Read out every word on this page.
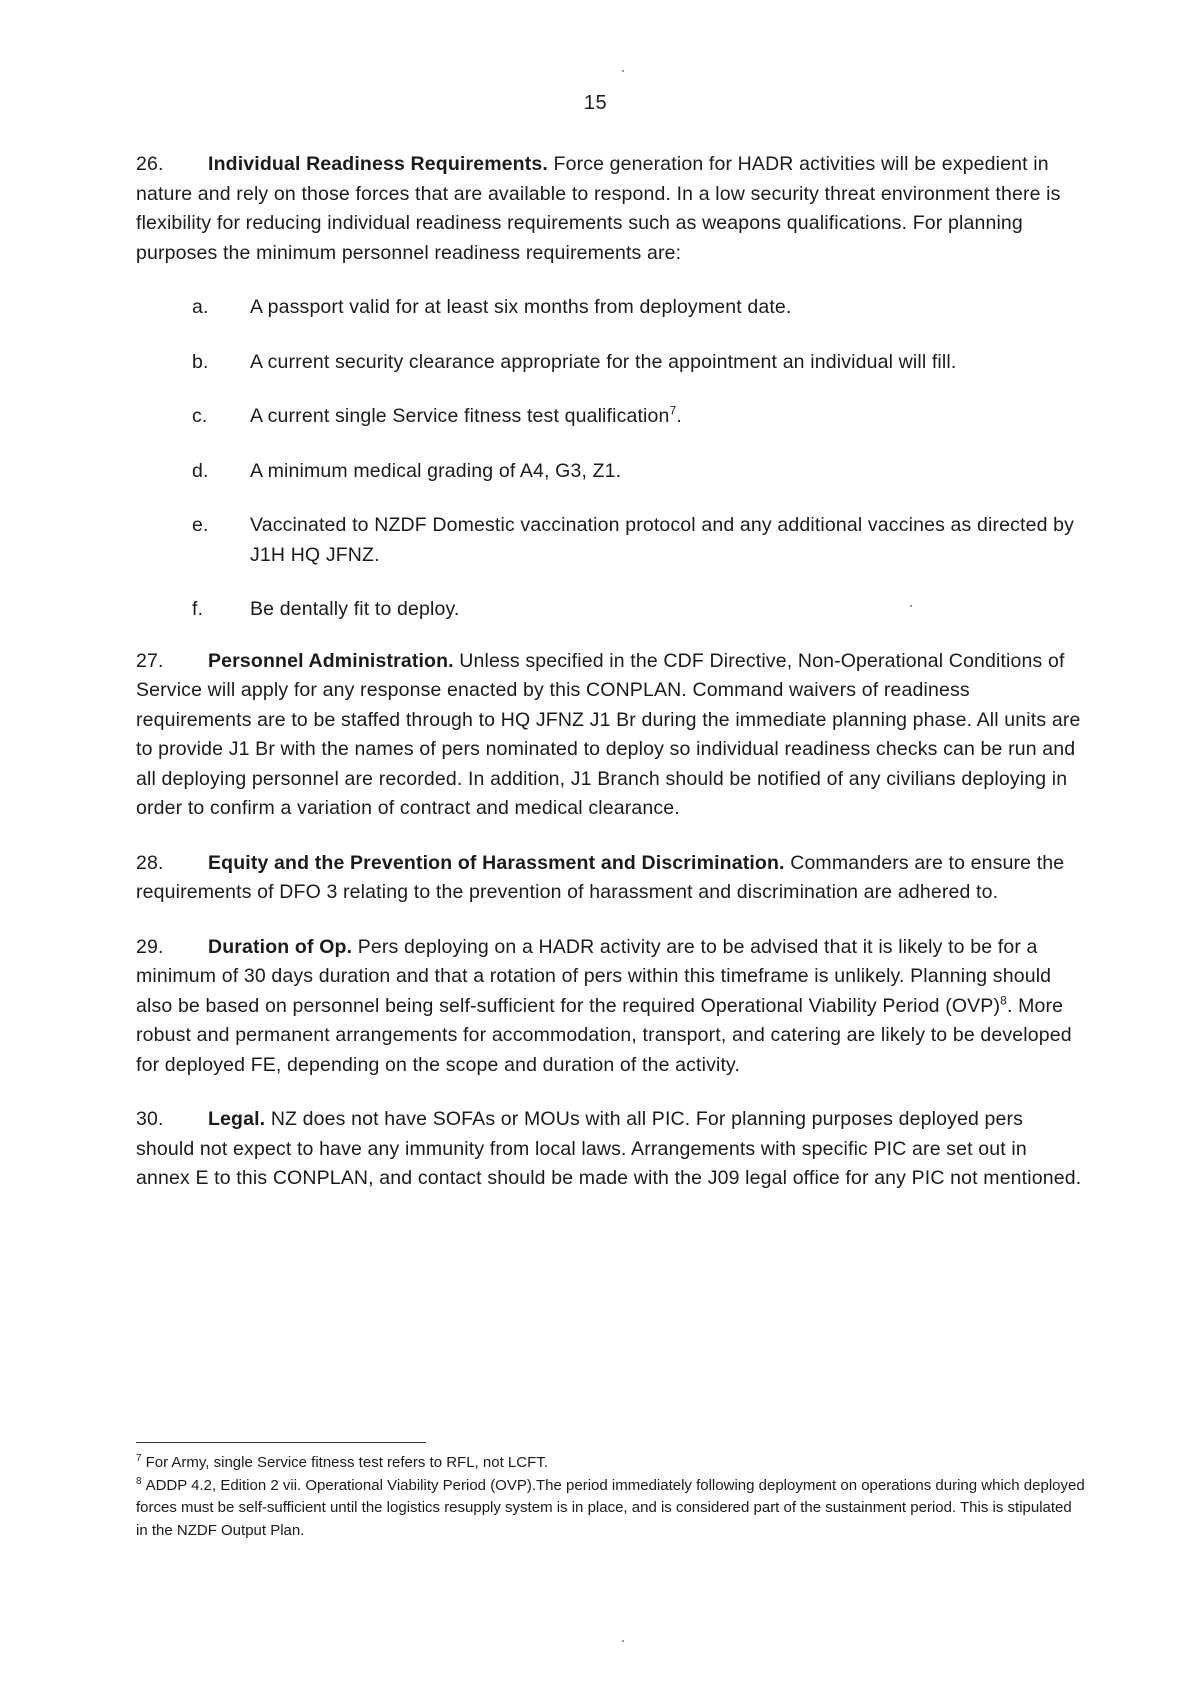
15

26. Individual Readiness Requirements. Force generation for HADR activities will be expedient in nature and rely on those forces that are available to respond. In a low security threat environment there is flexibility for reducing individual readiness requirements such as weapons qualifications. For planning purposes the minimum personnel readiness requirements are:

a. A passport valid for at least six months from deployment date.
b. A current security clearance appropriate for the appointment an individual will fill.
c. A current single Service fitness test qualification$^7$.
d. A minimum medical grading of A4, G3, Z1.
e. Vaccinated to NZDF Domestic vaccination protocol and any additional vaccines as directed by J1H HQ JFNZ.
f. Be dentally fit to deploy.

27. Personnel Administration. Unless specified in the CDF Directive, Non-Operational Conditions of Service will apply for any response enacted by this CONPLAN. Command waivers of readiness requirements are to be staffed through to HQ JFNZ J1 Br during the immediate planning phase. All units are to provide J1 Br with the names of pers nominated to deploy so individual readiness checks can be run and all deploying personnel are recorded. In addition, J1 Branch should be notified of any civilians deploying in order to confirm a variation of contract and medical clearance.

28. Equity and the Prevention of Harassment and Discrimination. Commanders are to ensure the requirements of DFO 3 relating to the prevention of harassment and discrimination are adhered to.

29. Duration of Op. Pers deploying on a HADR activity are to be advised that it is likely to be for a minimum of 30 days duration and that a rotation of pers within this timeframe is unlikely. Planning should also be based on personnel being self-sufficient for the required Operational Viability Period (OVP)$^8$. More robust and permanent arrangements for accommodation, transport, and catering are likely to be developed for deployed FE, depending on the scope and duration of the activity.

30. Legal. NZ does not have SOFAs or MOUs with all PIC. For planning purposes deployed pers should not expect to have any immunity from local laws. Arrangements with specific PIC are set out in annex E to this CONPLAN, and contact should be made with the J09 legal office for any PIC not mentioned.

$^7$ For Army, single Service fitness test refers to RFL, not LCFT.

$^8$ ADDP 4.2, Edition 2 vii. Operational Viability Period (OVP).The period immediately following deployment on operations during which deployed forces must be self-sufficient until the logistics resupply system is in place, and is considered part of the sustainment period. This is stipulated in the NZDF Output Plan.
